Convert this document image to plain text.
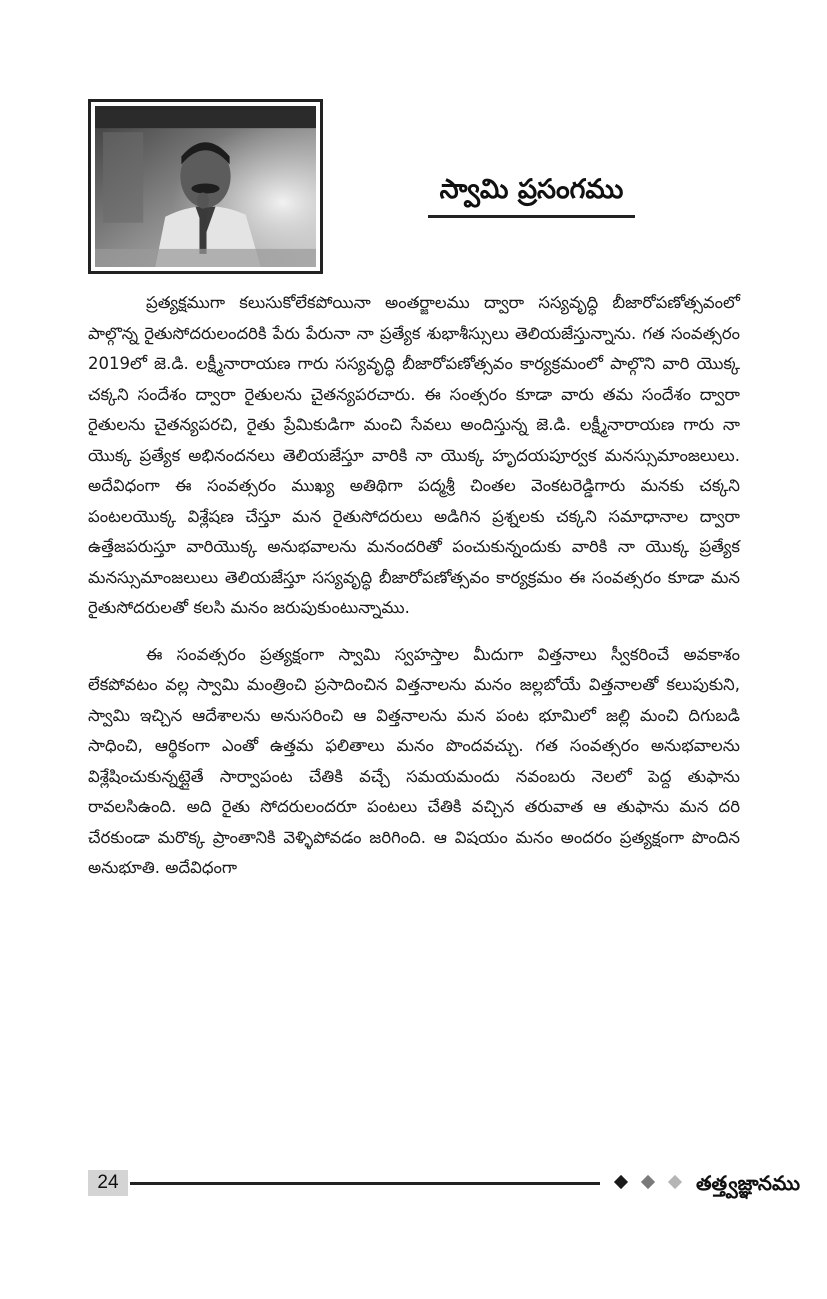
స్వామి ప్రసంగము

ప్రత్యక్షముగా కలుసుకోలేకపోయినా అంతర్జాలము ద్వారా సస్యవృద్ధి బీజారోపణోత్సవంలో పాల్గొన్న రైతుసోదరులందరికి పేరు పేరునా నా ప్రత్యేక శుభాశీస్సులు తెలియజేస్తున్నాను. గత సంవత్సరం 2019లో జె.డి. లక్ష్మీనారాయణ గారు సస్యవృద్ధి బీజారోపణోత్సవం కార్యక్రమంలో పాల్గొని వారి యొక్క చక్కని సందేశం ద్వారా రైతులను చైతన్యపరచారు. ఈ సంత్సరం కూడా వారు తమ సందేశం ద్వారా రైతులను చైతన్యపరచి, రైతు ప్రేమికుడిగా మంచి సేవలు అందిస్తున్న జె.డి. లక్ష్మీనారాయణ గారు నా యొక్క ప్రత్యేక అభినందనలు తెలియజేస్తూ వారికి నా యొక్క హృదయపూర్వక మనస్సుమాంజలులు. అదేవిధంగా ఈ సంవత్సరం ముఖ్య అతిథిగా పద్మశ్రీ చింతల వెంకటరెడ్డిగారు మనకు చక్కని పంటలయొక్క విశ్లేషణ చేస్తూ మన రైతుసోదరులు అడిగిన ప్రశ్నలకు చక్కని సమాధానాల ద్వారా ఉత్తేజపరుస్తూ వారియొక్క అనుభవాలను మనందరితో పంచుకున్నందుకు వారికి నా యొక్క ప్రత్యేక మనస్సుమాంజలులు తెలియజేస్తూ సస్యవృద్ధి బీజారోపణోత్సవం కార్యక్రమం ఈ సంవత్సరం కూడా మన రైతుసోదరులతో కలసి మనం జరుపుకుంటున్నాము.

ఈ సంవత్సరం ప్రత్యక్షంగా స్వామి స్వహస్తాల మీదుగా విత్తనాలు స్వీకరించే అవకాశం లేకపోవటం వల్ల స్వామి మంత్రించి ప్రసాదించిన విత్తనాలను మనం జల్లబోయే విత్తనాలతో కలుపుకుని, స్వామి ఇచ్చిన ఆదేశాలను అనుసరించి ఆ విత్తనాలను మన పంట భూమిలో జల్లి మంచి దిగుబడి సాధించి, ఆర్థికంగా ఎంతో ఉత్తమ ఫలితాలు మనం పొందవచ్చు. గత సంవత్సరం అనుభవాలను విశ్లేషించుకున్నట్లైతే సార్వాపంట చేతికి వచ్చే సమయమందు నవంబరు నెలలో పెద్ద తుఫాను రావలసిఉంది. అది రైతు సోదరులందరూ పంటలు చేతికి వచ్చిన తరువాత ఆ తుఫాను మన దరి చేరకుండా మరొక్క ప్రాంతానికి వెళ్ళిపోవడం జరిగింది. ఆ విషయం మనం అందరం ప్రత్యక్షంగా పొందిన అనుభూతి. అదేవిధంగా

24	తత్త్వజ్ఞానము
